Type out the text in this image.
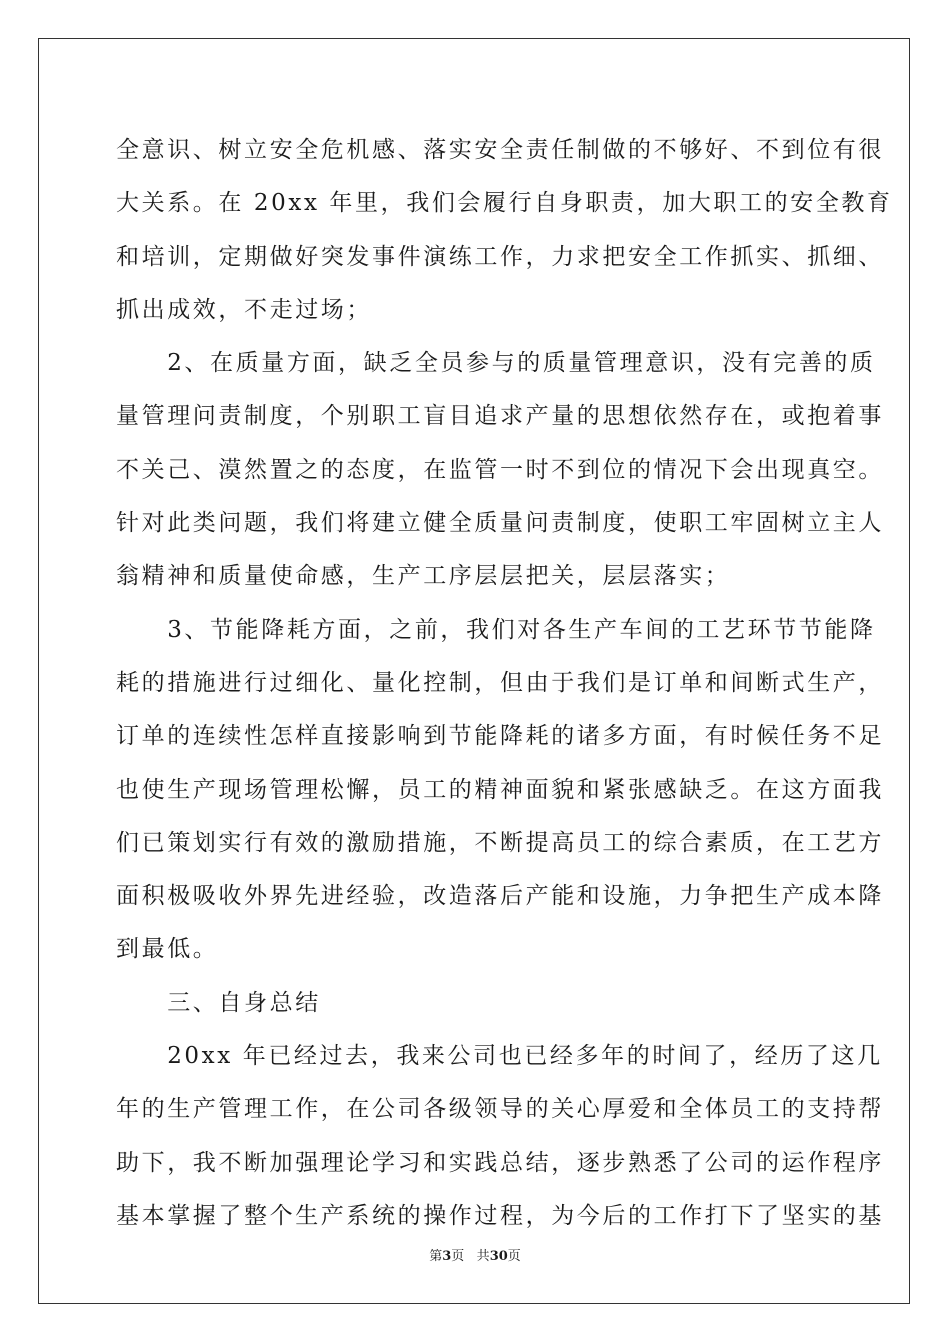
全意识、树立安全危机感、落实安全责任制做的不够好、不到位有很
大关系。在 20xx 年里，我们会履行自身职责，加大职工的安全教育
和培训，定期做好突发事件演练工作，力求把安全工作抓实、抓细、
抓出成效，不走过场；
　　2、在质量方面，缺乏全员参与的质量管理意识，没有完善的质
量管理问责制度，个别职工盲目追求产量的思想依然存在，或抱着事
不关己、漠然置之的态度，在监管一时不到位的情况下会出现真空。
针对此类问题，我们将建立健全质量问责制度，使职工牢固树立主人
翁精神和质量使命感，生产工序层层把关，层层落实；
　　3、节能降耗方面，之前，我们对各生产车间的工艺环节节能降
耗的措施进行过细化、量化控制，但由于我们是订单和间断式生产，
订单的连续性怎样直接影响到节能降耗的诸多方面，有时候任务不足
也使生产现场管理松懈，员工的精神面貌和紧张感缺乏。在这方面我
们已策划实行有效的激励措施，不断提高员工的综合素质，在工艺方
面积极吸收外界先进经验，改造落后产能和设施，力争把生产成本降
到最低。
　　三、自身总结
　　20xx 年已经过去，我来公司也已经多年的时间了，经历了这几
年的生产管理工作，在公司各级领导的关心厚爱和全体员工的支持帮
助下，我不断加强理论学习和实践总结，逐步熟悉了公司的运作程序
基本掌握了整个生产系统的操作过程，为今后的工作打下了坚实的基
第3页 共30页
